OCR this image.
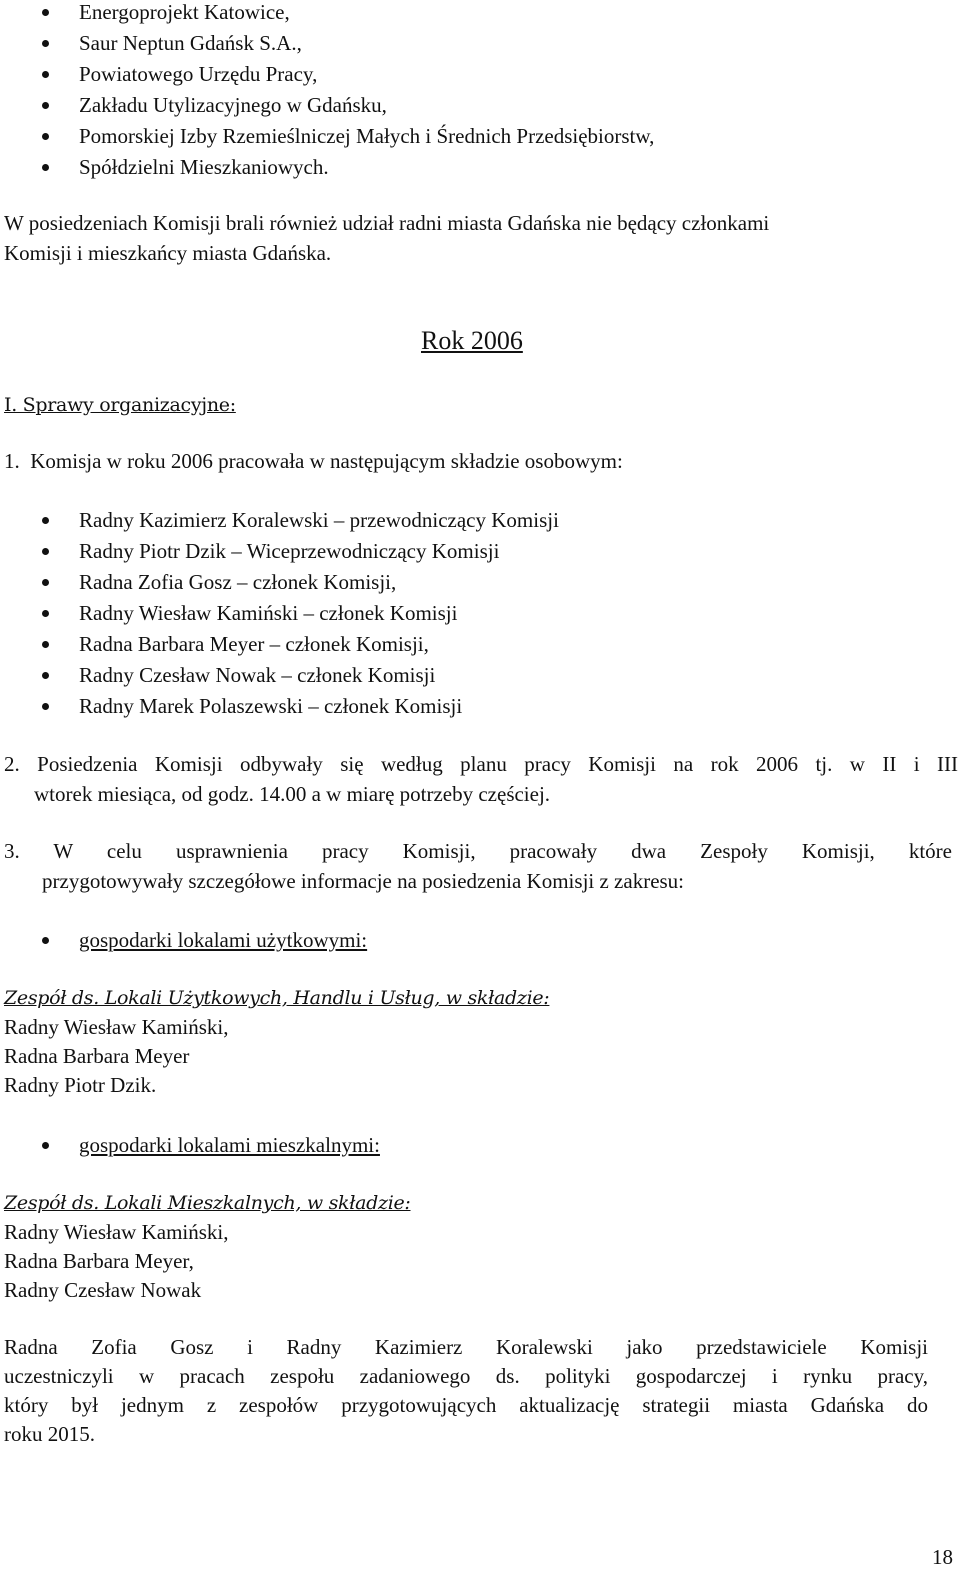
Energoprojekt Katowice,
Saur Neptun Gdańsk S.A.,
Powiatowego Urzędu Pracy,
Zakładu Utylizacyjnego w Gdańsku,
Pomorskiej Izby Rzemieślniczej Małych i Średnich Przedsiębiorstw,
Spółdzielni Mieszkaniowych.
W posiedzeniach Komisji brali również udział radni miasta Gdańska nie będący członkami
Komisji i mieszkańcy miasta Gdańska.
Rok 2006
I. Sprawy organizacyjne:
1.  Komisja w roku 2006 pracowała w następującym składzie osobowym:
Radny Kazimierz Koralewski – przewodniczący Komisji
Radny Piotr Dzik – Wiceprzewodniczący Komisji
Radna Zofia Gosz – członek Komisji,
Radny Wiesław Kamiński – członek Komisji
Radna Barbara Meyer – członek Komisji,
Radny Czesław Nowak – członek Komisji
Radny Marek Polaszewski – członek Komisji
2. Posiedzenia Komisji odbywały się według planu pracy Komisji na rok 2006 tj. w II i III
wtorek miesiąca, od godz. 14.00 a w miarę potrzeby częściej.
3. W celu usprawnienia pracy Komisji, pracowały dwa Zespoły Komisji, które
przygotowywały szczegółowe informacje na posiedzenia Komisji z zakresu:
gospodarki lokalami użytkowymi:
Zespół ds. Lokali Użytkowych, Handlu i Usług, w składzie:
Radny Wiesław Kamiński,
Radna Barbara Meyer
Radny Piotr Dzik.
gospodarki lokalami mieszkalnymi:
Zespół ds. Lokali Mieszkalnych, w składzie:
Radny Wiesław Kamiński,
Radna Barbara Meyer,
Radny Czesław Nowak
Radna Zofia Gosz i Radny Kazimierz Koralewski jako przedstawiciele Komisji
uczestniczyli w pracach zespołu zadaniowego ds. polityki gospodarczej i rynku pracy,
który był jednym z zespołów przygotowujących aktualizację strategii miasta Gdańska do
roku 2015.
18
